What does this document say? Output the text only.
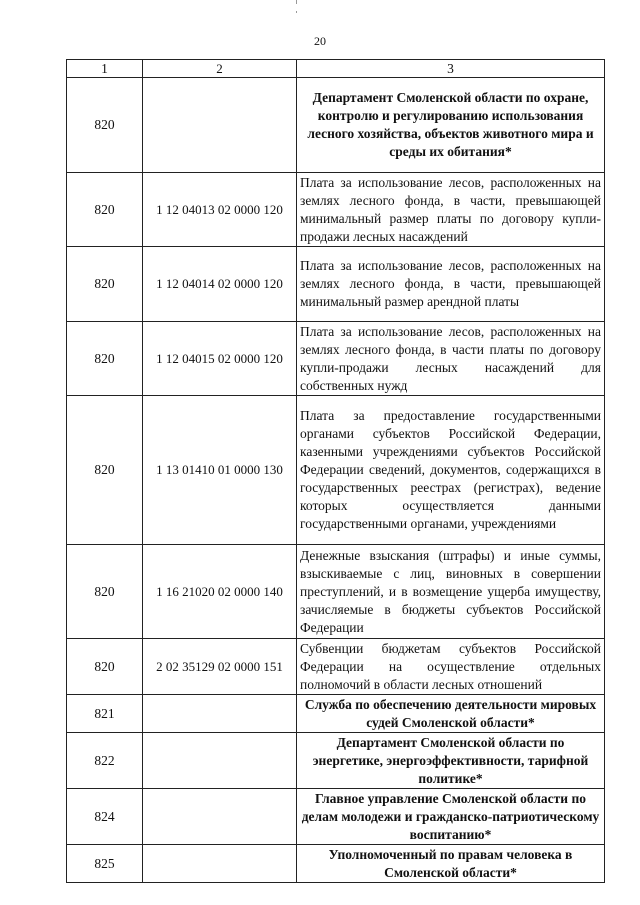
20
1	2	3
820		Департамент Смоленской области по охране, контролю и регулированию использования лесного хозяйства, объектов животного мира и среды их обитания*
820	1 12 04013 02 0000 120	Плата за использование лесов, расположенных на землях лесного фонда, в части, превышающей минимальный размер платы по договору купли-продажи лесных насаждений
820	1 12 04014 02 0000 120	Плата за использование лесов, расположенных на землях лесного фонда, в части, превышающей минимальный размер арендной платы
820	1 12 04015 02 0000 120	Плата за использование лесов, расположенных на землях лесного фонда, в части платы по договору купли-продажи лесных насаждений для собственных нужд
820	1 13 01410 01 0000 130	Плата за предоставление государственными органами субъектов Российской Федерации, казенными учреждениями субъектов Российской Федерации сведений, документов, содержащихся в государственных реестрах (регистрах), ведение которых осуществляется данными государственными органами, учреждениями
820	1 16 21020 02 0000 140	Денежные взыскания (штрафы) и иные суммы, взыскиваемые с лиц, виновных в совершении преступлений, и в возмещение ущерба имуществу, зачисляемые в бюджеты субъектов Российской Федерации
820	2 02 35129 02 0000 151	Субвенции бюджетам субъектов Российской Федерации на осуществление отдельных полномочий в области лесных отношений
821		Служба по обеспечению деятельности мировых судей Смоленской области*
822		Департамент Смоленской области по энергетике, энергоэффективности, тарифной политике*
824		Главное управление Смоленской области по делам молодежи и гражданско-патриотическому воспитанию*
825		Уполномоченный по правам человека в Смоленской области*
